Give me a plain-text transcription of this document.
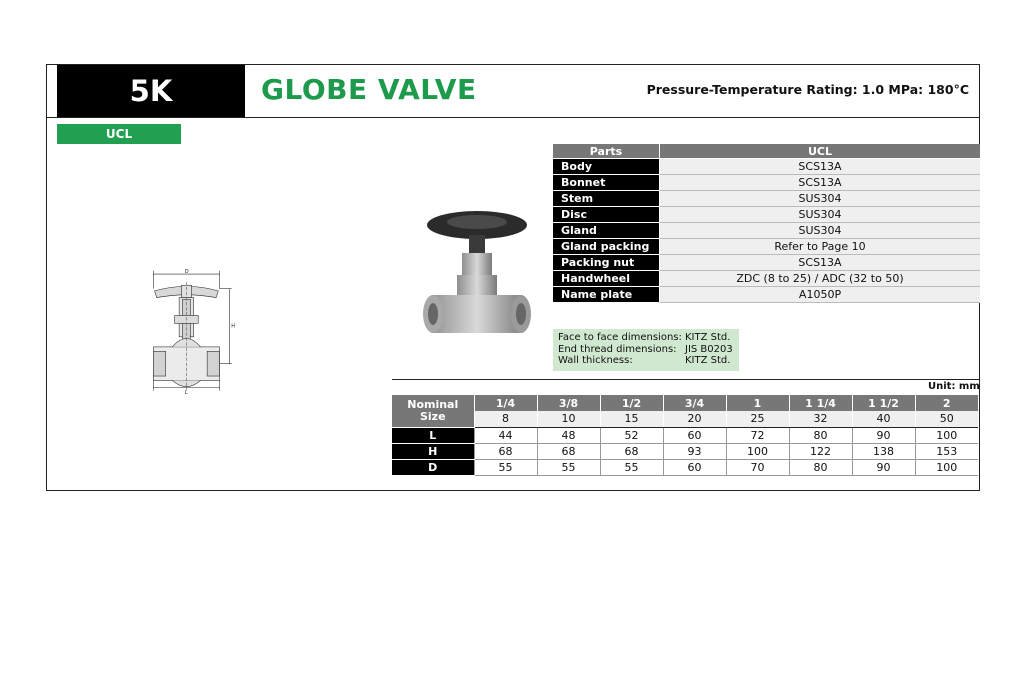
5K	GLOBE VALVE	Pressure-Temperature Rating: 1.0 MPa: 180°C
UCL
D
H
L
Parts	UCL
Body	SCS13A
Bonnet	SCS13A
Stem	SUS304
Disc	SUS304
Gland	SUS304
Gland packing	Refer to Page 10
Packing nut	SCS13A
Handwheel	ZDC (8 to 25) / ADC (32 to 50)
Name plate	A1050P
Face to face dimensions: KITZ Std.
End thread dimensions: JIS B0203
Wall thickness:	KITZ Std.
Unit: mm
Nominal
Size	1/4	3/8	1/2	3/4	1	1 1/4	1 1/2	2
	8	10	15	20	25	32	40	50
L	44	48	52	60	72	80	90	100
H	68	68	68	93	100	122	138	153
D	55	55	55	60	70	80	90	100
